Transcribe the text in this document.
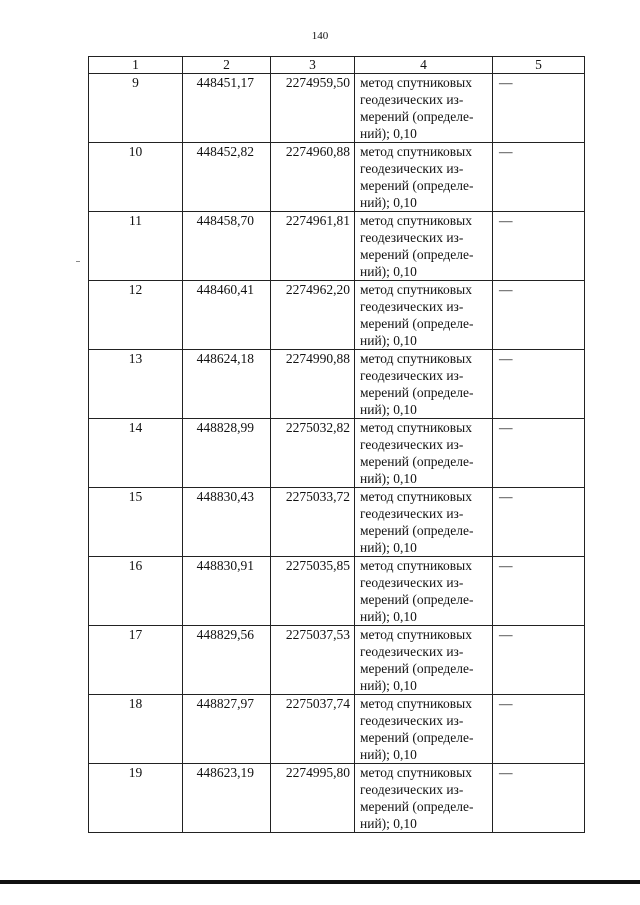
140
1	2	3	4	5
9	448451,17	2274959,50	метод спутниковых
геодезических из-
мерений (определе-
ний); 0,10	—
10	448452,82	2274960,88	метод спутниковых
геодезических из-
мерений (определе-
ний); 0,10	—
11	448458,70	2274961,81	метод спутниковых
геодезических из-
мерений (определе-
ний); 0,10	—
12	448460,41	2274962,20	метод спутниковых
геодезических из-
мерений (определе-
ний); 0,10	—
13	448624,18	2274990,88	метод спутниковых
геодезических из-
мерений (определе-
ний); 0,10	—
14	448828,99	2275032,82	метод спутниковых
геодезических из-
мерений (определе-
ний); 0,10	—
15	448830,43	2275033,72	метод спутниковых
геодезических из-
мерений (определе-
ний); 0,10	—
16	448830,91	2275035,85	метод спутниковых
геодезических из-
мерений (определе-
ний); 0,10	—
17	448829,56	2275037,53	метод спутниковых
геодезических из-
мерений (определе-
ний); 0,10	—
18	448827,97	2275037,74	метод спутниковых
геодезических из-
мерений (определе-
ний); 0,10	—
19	448623,19	2274995,80	метод спутниковых
геодезических из-
мерений (определе-
ний); 0,10	—
